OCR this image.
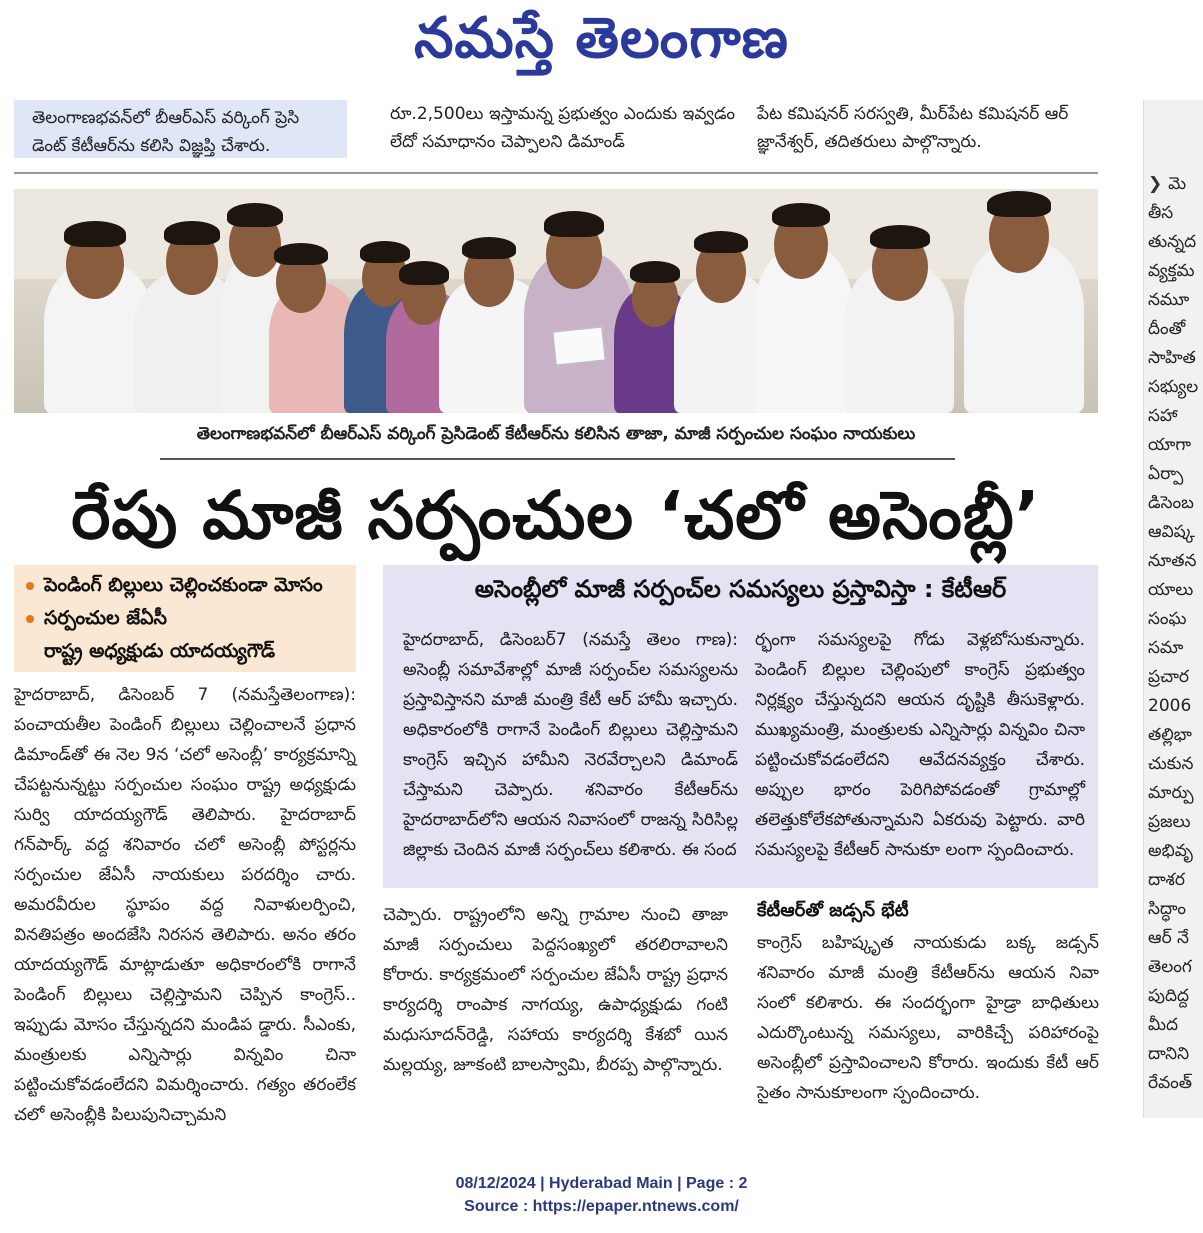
నమస్తే తెలంగాణ
తెలంగాణభవన్‌లో బీఆర్‌ఎస్ వర్కింగ్ ప్రెసి డెంట్ కేటీఆర్‌ను కలిసి విజ్ఞప్తి చేశారు.
రూ.2,500లు ఇస్తామన్న ప్రభుత్వం ఎందుకు ఇవ్వడం లేదో సమాధానం చెప్పాలని డిమాండ్
పేట కమిషనర్ సరస్వతి, మీర్‌పేట కమిషనర్ ఆర్ జ్ఞానేశ్వర్, తదితరులు పాల్గొన్నారు.
తెలంగాణభవన్‌లో బీఆర్‌ఎస్ వర్కింగ్ ప్రెసిడెంట్ కేటీఆర్‌ను కలిసిన తాజా, మాజీ సర్పంచుల సంఘం నాయకులు
రేపు మాజీ సర్పంచుల ‘చలో అసెంబ్లీ’
పెండింగ్ బిల్లులు చెల్లించకుండా మోసం
సర్పంచుల జేఏసీ
రాష్ట్ర అధ్యక్షుడు యాదయ్యగౌడ్
హైదరాబాద్, డిసెంబర్ 7 (నమస్తేతెలంగాణ): పంచాయతీల పెండింగ్ బిల్లులు చెల్లించాలనే ప్రధాన డిమాండ్‌తో ఈ నెల 9న ‘చలో అసెంబ్లీ’ కార్యక్రమాన్ని చేపట్టనున్నట్టు సర్పంచుల సంఘం రాష్ట్ర అధ్యక్షుడు సుర్వి యాదయ్యగౌడ్ తెలిపారు. హైదరాబాద్ గన్‌పార్క్ వద్ద శనివారం చలో అసెంబ్లీ పోస్టర్లను సర్పంచుల జేఏసీ నాయకులు పరదర్శిం చారు. అమరవీరుల స్థూపం వద్ద నివాళులర్పించి, వినతిపత్రం అందజేసి నిరసన తెలిపారు. అనం తరం యాదయ్యగౌడ్ మాట్లాడుతూ అధికారంలోకి రాగానే పెండింగ్ బిల్లులు చెల్లిస్తామని చెప్పిన కాంగ్రెస్.. ఇప్పుడు మోసం చేస్తున్నదని మండిప డ్డారు. సీఎంకు, మంత్రులకు ఎన్నిసార్లు విన్నవిం చినా పట్టించుకోవడంలేదని విమర్శించారు. గత్యం తరంలేక చలో అసెంబ్లీకి పిలుపునిచ్చామని
అసెంబ్లీలో మాజీ సర్పంచ్‌ల సమస్యలు ప్రస్తావిస్తా : కేటీఆర్
హైదరాబాద్, డిసెంబర్7 (నమస్తే తెలం గాణ): అసెంబ్లీ సమావేశాల్లో మాజీ సర్పంచ్‌ల సమస్యలను ప్రస్తావిస్తానని మాజీ మంత్రి కేటీ ఆర్ హామీ ఇచ్చారు. అధికారంలోకి రాగానే పెండింగ్ బిల్లులు చెల్లిస్తామని కాంగ్రెస్ ఇచ్చిన హామీని నెరవేర్చాలని డిమాండ్ చేస్తామని చెప్పారు. శనివారం కేటీఆర్‌ను హైదరాబాద్‌లోని ఆయన నివాసంలో రాజన్న సిరిసిల్ల జిల్లాకు చెందిన మాజీ సర్పంచ్‌లు కలిశారు. ఈ సంద
ర్భంగా సమస్యలపై గోడు వెళ్లబోసుకున్నారు. పెండింగ్ బిల్లుల చెల్లింపులో కాంగ్రెస్ ప్రభుత్వం నిర్లక్ష్యం చేస్తున్నదని ఆయన దృష్టికి తీసుకెళ్లారు. ముఖ్యమంత్రి, మంత్రులకు ఎన్నిసార్లు విన్నవిం చినా పట్టించుకోవడంలేదని ఆవేదనవ్యక్తం చేశారు. అప్పుల భారం పెరిగిపోవడంతో గ్రామాల్లో తలెత్తుకోలేకపోతున్నామని ఏకరువు పెట్టారు. వారి సమస్యలపై కేటీఆర్ సానుకూ లంగా స్పందించారు.
చెప్పారు. రాష్ట్రంలోని అన్ని గ్రామాల నుంచి తాజా మాజీ సర్పంచులు పెద్దసంఖ్యలో తరలిరావాలని కోరారు. కార్యక్రమంలో సర్పంచుల జేఏసీ రాష్ట్ర ప్రధాన కార్యదర్శి రాంపాక నాగయ్య, ఉపాధ్యక్షుడు గంటి మధుసూదన్‌రెడ్డి, సహాయ కార్యదర్శి కేశబో యిన మల్లయ్య, జూకంటి బాలస్వామి, బీరప్ప పాల్గొన్నారు.
కేటీఆర్‌తో జడ్సన్ భేటీ
కాంగ్రెస్ బహిష్కృత నాయకుడు బక్క జడ్సన్ శనివారం మాజీ మంత్రి కేటీఆర్‌ను ఆయన నివా సంలో కలిశారు. ఈ సందర్భంగా హైడ్రా బాధితులు ఎదుర్కొంటున్న సమస్యలు, వారికిచ్చే పరిహారంపై అసెంబ్లీలో ప్రస్తావించాలని కోరారు. ఇందుకు కేటీ ఆర్ సైతం సానుకూలంగా స్పందించారు.
❯ మె
తీస
తున్నద
వ్యక్తమ
నమూ
దీంతో
సాహిత
సభ్యుల
సహా
యాగా
ఏర్పా
డిసెంబ
ఆవిష్క
నూతన
యాలు
సంఘ
సమా
ప్రచార
2006
తల్లిభా
చుకున
మార్పు
ప్రజలు
అభివృ
దాశర
సిద్ధాం
ఆర్ నే
తెలంగ
పుదిద్ద
మీద
దానిని
రేవంత్
08/12/2024 | Hyderabad Main | Page : 2
Source : https://epaper.ntnews.com/
